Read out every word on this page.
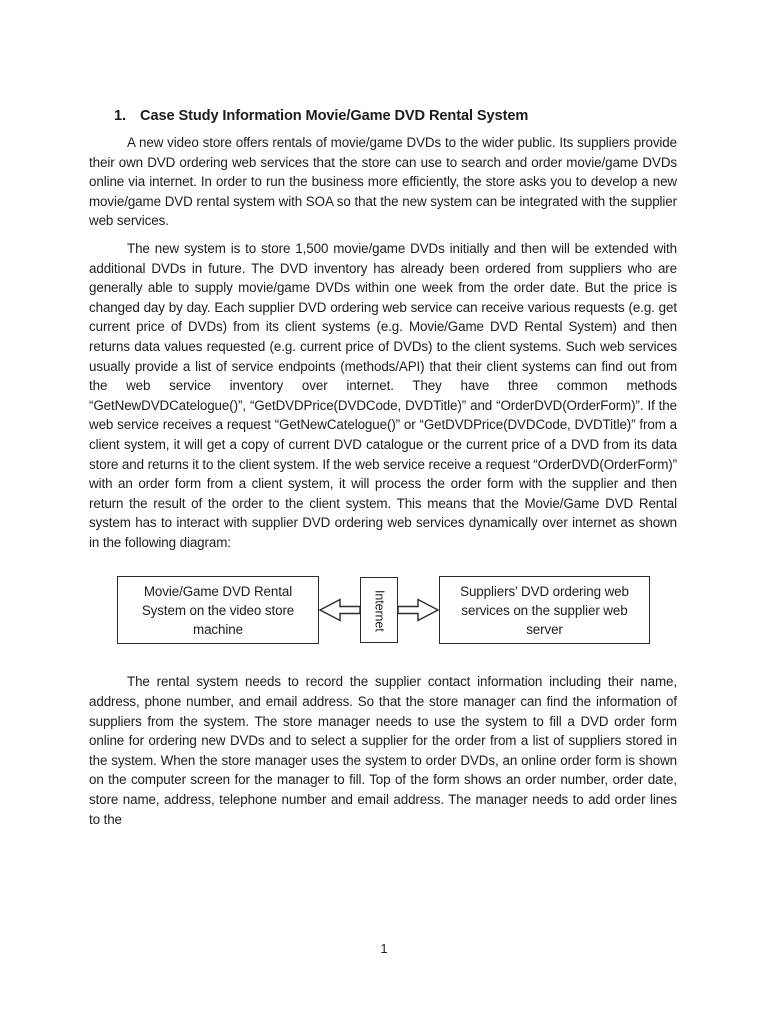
1. Case Study Information Movie/Game DVD Rental System

A new video store offers rentals of movie/game DVDs to the wider public. Its suppliers provide their own DVD ordering web services that the store can use to search and order movie/game DVDs online via internet. In order to run the business more efficiently, the store asks you to develop a new movie/game DVD rental system with SOA so that the new system can be integrated with the supplier web services.

The new system is to store 1,500 movie/game DVDs initially and then will be extended with additional DVDs in future. The DVD inventory has already been ordered from suppliers who are generally able to supply movie/game DVDs within one week from the order date. But the price is changed day by day. Each supplier DVD ordering web service can receive various requests (e.g. get current price of DVDs) from its client systems (e.g. Movie/Game DVD Rental System) and then returns data values requested (e.g. current price of DVDs) to the client systems. Such web services usually provide a list of service endpoints (methods/API) that their client systems can find out from the web service inventory over internet. They have three common methods “GetNewDVDCatelogue()”, “GetDVDPrice(DVDCode, DVDTitle)” and “OrderDVD(OrderForm)”. If the web service receives a request “GetNewCatelogue()” or “GetDVDPrice(DVDCode, DVDTitle)” from a client system, it will get a copy of current DVD catalogue or the current price of a DVD from its data store and returns it to the client system. If the web service receive a request “OrderDVD(OrderForm)” with an order form from a client system, it will process the order form with the supplier and then return the result of the order to the client system. This means that the Movie/Game DVD Rental system has to interact with supplier DVD ordering web services dynamically over internet as shown in the following diagram:

Movie/Game DVD Rental System on the video store machine	Internet	Suppliers’ DVD ordering web services on the supplier web server

The rental system needs to record the supplier contact information including their name, address, phone number, and email address. So that the store manager can find the information of suppliers from the system. The store manager needs to use the system to fill a DVD order form online for ordering new DVDs and to select a supplier for the order from a list of suppliers stored in the system. When the store manager uses the system to order DVDs, an online order form is shown on the computer screen for the manager to fill. Top of the form shows an order number, order date, store name, address, telephone number and email address. The manager needs to add order lines to the

1
